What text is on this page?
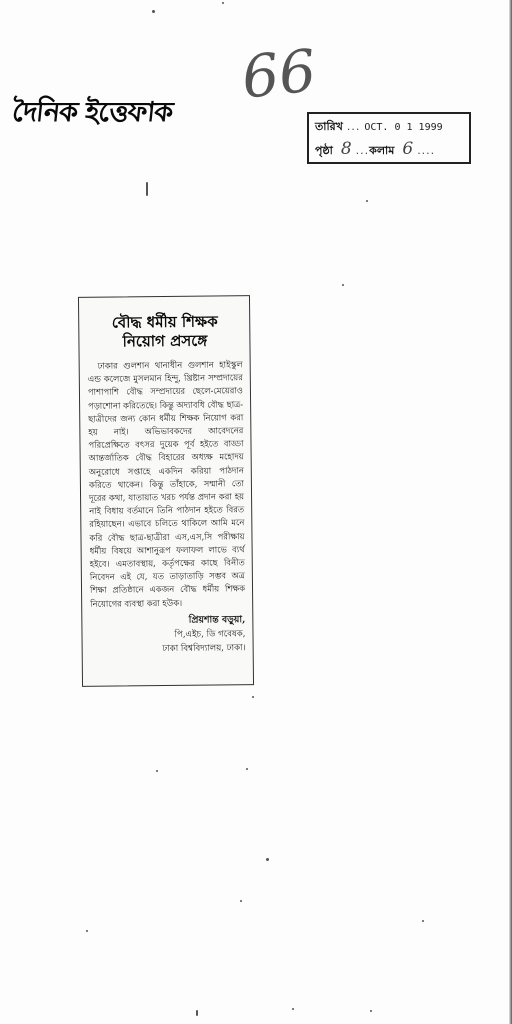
দৈনিক ইত্তেফাক
66
তারিখ ... OCT. 0 1 1999
পৃষ্ঠা 8 ... কলাম 6 ....
বৌদ্ধ ধর্মীয় শিক্ষক
নিয়োগ প্রসঙ্গে
ঢাকার গুলশান থানাধীন গুলশান হাইস্কুল এন্ড কলেজে মুসলমান হিন্দু, খ্রিষ্টান সম্প্রদায়ের পাশাপাশি বৌদ্ধ সম্প্রদায়ের ছেলে-মেয়েরাও পড়াশোনা করিতেছে। কিন্তু অদ্যাবধি বৌদ্ধ ছাত্র-ছাত্রীদের জন্য কোন ধর্মীয় শিক্ষক নিয়োগ করা হয় নাই। অভিভাবকদের আবেদনের পরিপ্রেক্ষিতে বৎসর দুয়েক পূর্ব হইতে বাড্ডা আন্তর্জাতিক বৌদ্ধ বিহারের অধ্যক্ষ মহোদয় অনুরোধে সপ্তাহে একদিন করিয়া পাঠদান করিতে থাকেন। কিন্তু তাঁহাকে, সম্মানী তো দূরের কথা, যাতায়াত খরচ পর্যন্ত প্রদান করা হয় নাই বিধায় বর্তমানে তিনি পাঠদান হইতে বিরত রহিয়াছেন। এভাবে চলিতে থাকিলে আমি মনে করি বৌদ্ধ ছাত্র-ছাত্রীরা এস,এস,সি পরীক্ষায় ধর্মীয় বিষয়ে আশানুরূপ ফলাফল লাভে ব্যর্থ হইবে। এমতাবস্থায়, কর্তৃপক্ষের কাছে বিনীত নিবেদন এই যে, যত তাড়াতাড়ি সম্ভব অত্র শিক্ষা প্রতিষ্ঠানে একজন বৌদ্ধ ধর্মীয় শিক্ষক নিয়োগের ব্যবস্থা করা হউক।
প্রিয়শান্ত বড়ুয়া,
পি,এইচ, ডি গবেষক,
ঢাকা বিশ্ববিদ্যালয়, ঢাকা।
